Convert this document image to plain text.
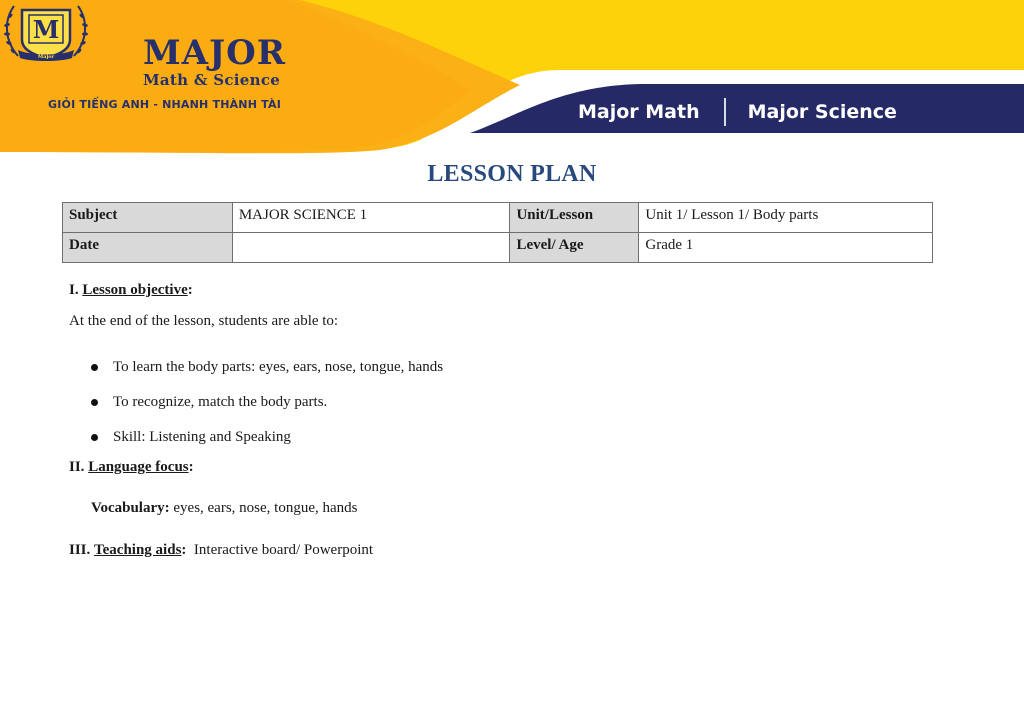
M
Major	MAJOR
Math & Science
GIỎI TIẾNG ANH - NHANH THÀNH TÀI	Major Math	Major Science
LESSON PLAN
Subject	MAJOR SCIENCE 1	Unit/Lesson	Unit 1/ Lesson 1/ Body parts
Date		Level/ Age	Grade 1
I. Lesson objective:
At the end of the lesson, students are able to:
To learn the body parts: eyes, ears, nose, tongue, hands
To recognize, match the body parts.
Skill: Listening and Speaking
II. Language focus:
Vocabulary: eyes, ears, nose, tongue, hands
III. Teaching aids:  Interactive board/ Powerpoint
